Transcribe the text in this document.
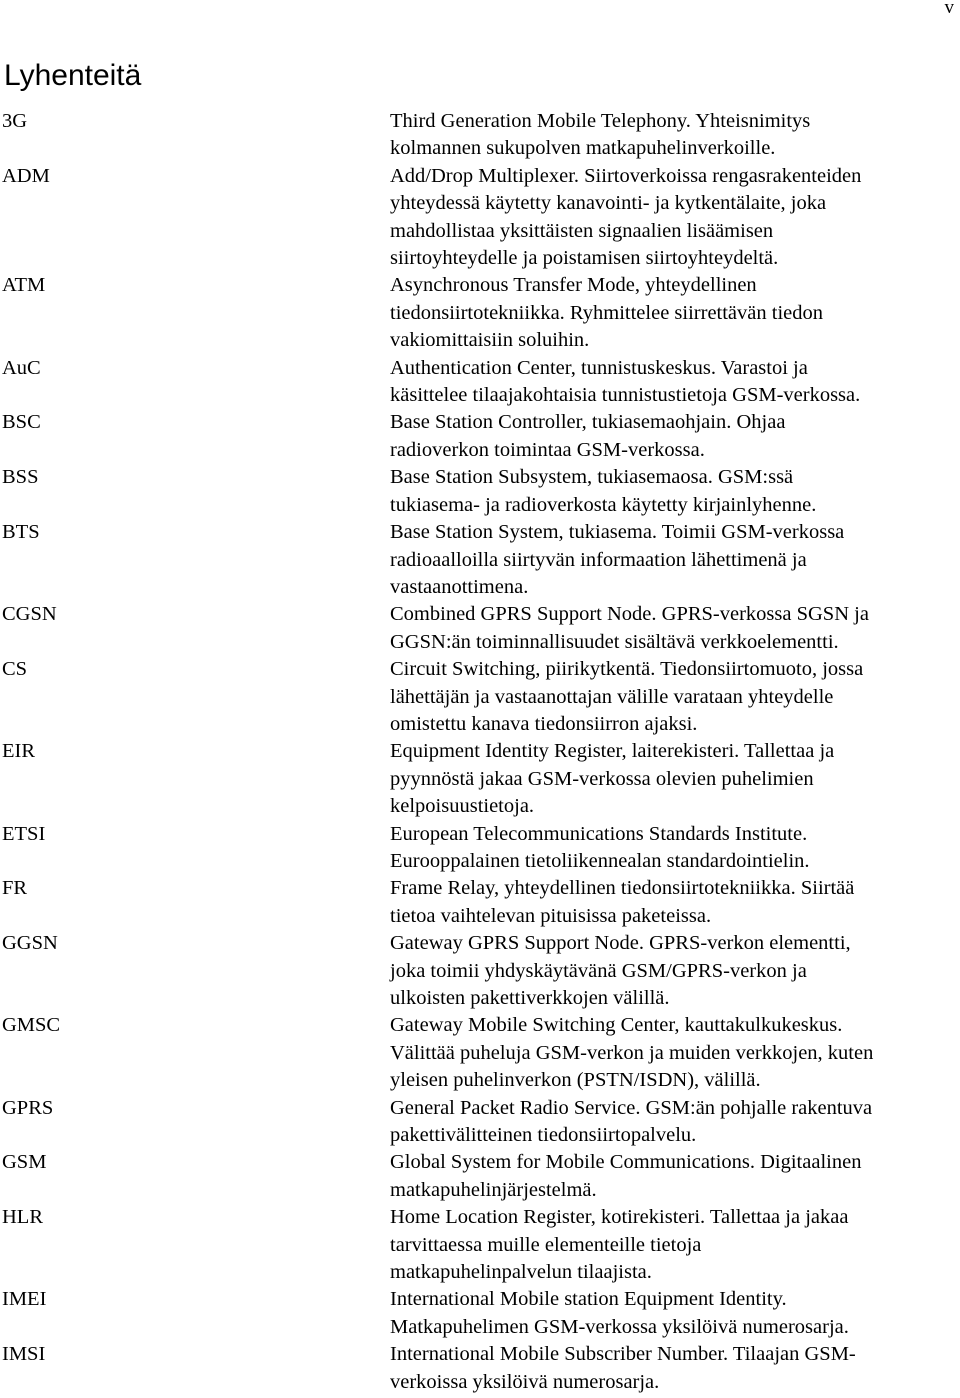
v
Lyhenteitä
3G	Third Generation Mobile Telephony. Yhteisnimitys
kolmannen sukupolven matkapuhelinverkoille.
ADM	Add/Drop Multiplexer. Siirtoverkoissa rengasrakenteiden
yhteydessä käytetty kanavointi- ja kytkentälaite, joka
mahdollistaa yksittäisten signaalien lisäämisen
siirtoyhteydelle ja poistamisen siirtoyhteydeltä.
ATM	Asynchronous Transfer Mode, yhteydellinen
tiedonsiirtotekniikka. Ryhmittelee siirrettävän tiedon
vakiomittaisiin soluihin.
AuC	Authentication Center, tunnistuskeskus. Varastoi ja
käsittelee tilaajakohtaisia tunnistustietoja GSM-verkossa.
BSC	Base Station Controller, tukiasemaohjain. Ohjaa
radioverkon toimintaa GSM-verkossa.
BSS	Base Station Subsystem, tukiasemaosa. GSM:ssä
tukiasema- ja radioverkosta käytetty kirjainlyhenne.
BTS	Base Station System, tukiasema. Toimii GSM-verkossa
radioaalloilla siirtyvän informaation lähettimenä ja
vastaanottimena.
CGSN	Combined GPRS Support Node. GPRS-verkossa SGSN ja
GGSN:än toiminnallisuudet sisältävä verkkoelementti.
CS	Circuit Switching, piirikytkentä. Tiedonsiirtomuoto, jossa
lähettäjän ja vastaanottajan välille varataan yhteydelle
omistettu kanava tiedonsiirron ajaksi.
EIR	Equipment Identity Register, laiterekisteri. Tallettaa ja
pyynnöstä jakaa GSM-verkossa olevien puhelimien
kelpoisuustietoja.
ETSI	European Telecommunications Standards Institute.
Eurooppalainen tietoliikennealan standardointielin.
FR	Frame Relay, yhteydellinen tiedonsiirtotekniikka. Siirtää
tietoa vaihtelevan pituisissa paketeissa.
GGSN	Gateway GPRS Support Node. GPRS-verkon elementti,
joka toimii yhdyskäytävänä GSM/GPRS-verkon ja
ulkoisten pakettiverkkojen välillä.
GMSC	Gateway Mobile Switching Center, kauttakulkukeskus.
Välittää puheluja GSM-verkon ja muiden verkkojen, kuten
yleisen puhelinverkon (PSTN/ISDN), välillä.
GPRS	General Packet Radio Service. GSM:än pohjalle rakentuva
pakettivälitteinen tiedonsiirtopalvelu.
GSM	Global System for Mobile Communications. Digitaalinen
matkapuhelinjärjestelmä.
HLR	Home Location Register, kotirekisteri. Tallettaa ja jakaa
tarvittaessa muille elementeille tietoja
matkapuhelinpalvelun tilaajista.
IMEI	International Mobile station Equipment Identity.
Matkapuhelimen GSM-verkossa yksilöivä numerosarja.
IMSI	International Mobile Subscriber Number. Tilaajan GSM-
verkoissa yksilöivä numerosarja.
